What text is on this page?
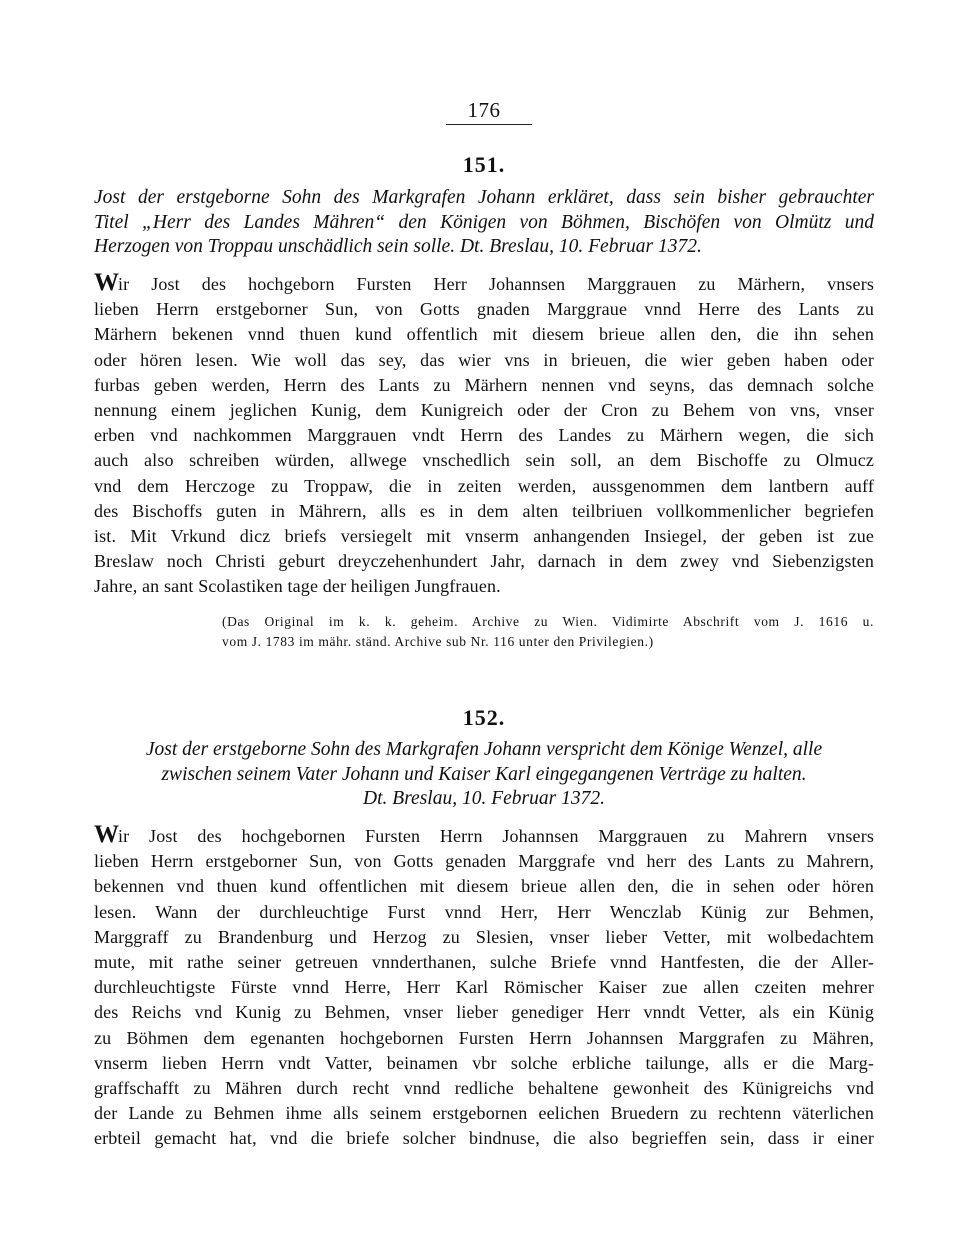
176
151.
Jost der erstgeborne Sohn des Markgrafen Johann erkläret, dass sein bisher gebrauchter
Titel „Herr des Landes Mähren“ den Königen von Böhmen, Bischöfen von Olmütz und
Herzogen von Troppau unschädlich sein solle. Dt. Breslau, 10. Februar 1372.
Wir Jost des hochgeborn Fursten Herr Johannsen Marggrauen zu Märhern, vnsers
lieben Herrn erstgeborner Sun, von Gotts gnaden Marggraue vnnd Herre des Lants zu
Märhern bekenen vnnd thuen kund offentlich mit diesem brieue allen den, die ihn sehen
oder hören lesen. Wie woll das sey, das wier vns in brieuen, die wier geben haben oder
furbas geben werden, Herrn des Lants zu Märhern nennen vnd seyns, das demnach solche
nennung einem jeglichen Kunig, dem Kunigreich oder der Cron zu Behem von vns, vnser
erben vnd nachkommen Marggrauen vndt Herrn des Landes zu Märhern wegen, die sich
auch also schreiben würden, allwege vnschedlich sein soll, an dem Bischoffe zu Olmucz
vnd dem Herczoge zu Troppaw, die in zeiten werden, aussgenommen dem lantbern auff
des Bischoffs guten in Mährern, alls es in dem alten teilbriuen vollkommenlicher begriefen
ist. Mit Vrkund dicz briefs versiegelt mit vnserm anhangenden Insiegel, der geben ist zue
Breslaw noch Christi geburt dreyczehenhundert Jahr, darnach in dem zwey vnd Siebenzigsten
Jahre, an sant Scolastiken tage der heiligen Jungfrauen.
(Das Original im k. k. geheim. Archive zu Wien. Vidimirte Abschrift vom J. 1616 u.
vom J. 1783 im mähr. ständ. Archive sub Nr. 116 unter den Privilegien.)
152.
Jost der erstgeborne Sohn des Markgrafen Johann verspricht dem Könige Wenzel, alle
zwischen seinem Vater Johann und Kaiser Karl eingegangenen Verträge zu halten.
Dt. Breslau, 10. Februar 1372.
Wir Jost des hochgebornen Fursten Herrn Johannsen Marggrauen zu Mahrern vnsers
lieben Herrn erstgeborner Sun, von Gotts genaden Marggrafe vnd herr des Lants zu Mahrern,
bekennen vnd thuen kund offentlichen mit diesem brieue allen den, die in sehen oder hören
lesen. Wann der durchleuchtige Furst vnnd Herr, Herr Wenczlab Künig zur Behmen,
Marggraff zu Brandenburg und Herzog zu Slesien, vnser lieber Vetter, mit wolbedachtem
mute, mit rathe seiner getreuen vnnderthanen, sulche Briefe vnnd Hantfesten, die der Aller-
durchleuchtigste Fürste vnnd Herre, Herr Karl Römischer Kaiser zue allen czeiten mehrer
des Reichs vnd Kunig zu Behmen, vnser lieber genediger Herr vnndt Vetter, als ein Künig
zu Böhmen dem egenanten hochgebornen Fursten Herrn Johannsen Marggrafen zu Mähren,
vnserm lieben Herrn vndt Vatter, beinamen vbr solche erbliche tailunge, alls er die Marg-
graffschafft zu Mähren durch recht vnnd redliche behaltene gewonheit des Künigreichs vnd
der Lande zu Behmen ihme alls seinem erstgebornen eelichen Bruedern zu rechtenn väterlichen
erbteil gemacht hat, vnd die briefe solcher bindnuse, die also begrieffen sein, dass ir einer
